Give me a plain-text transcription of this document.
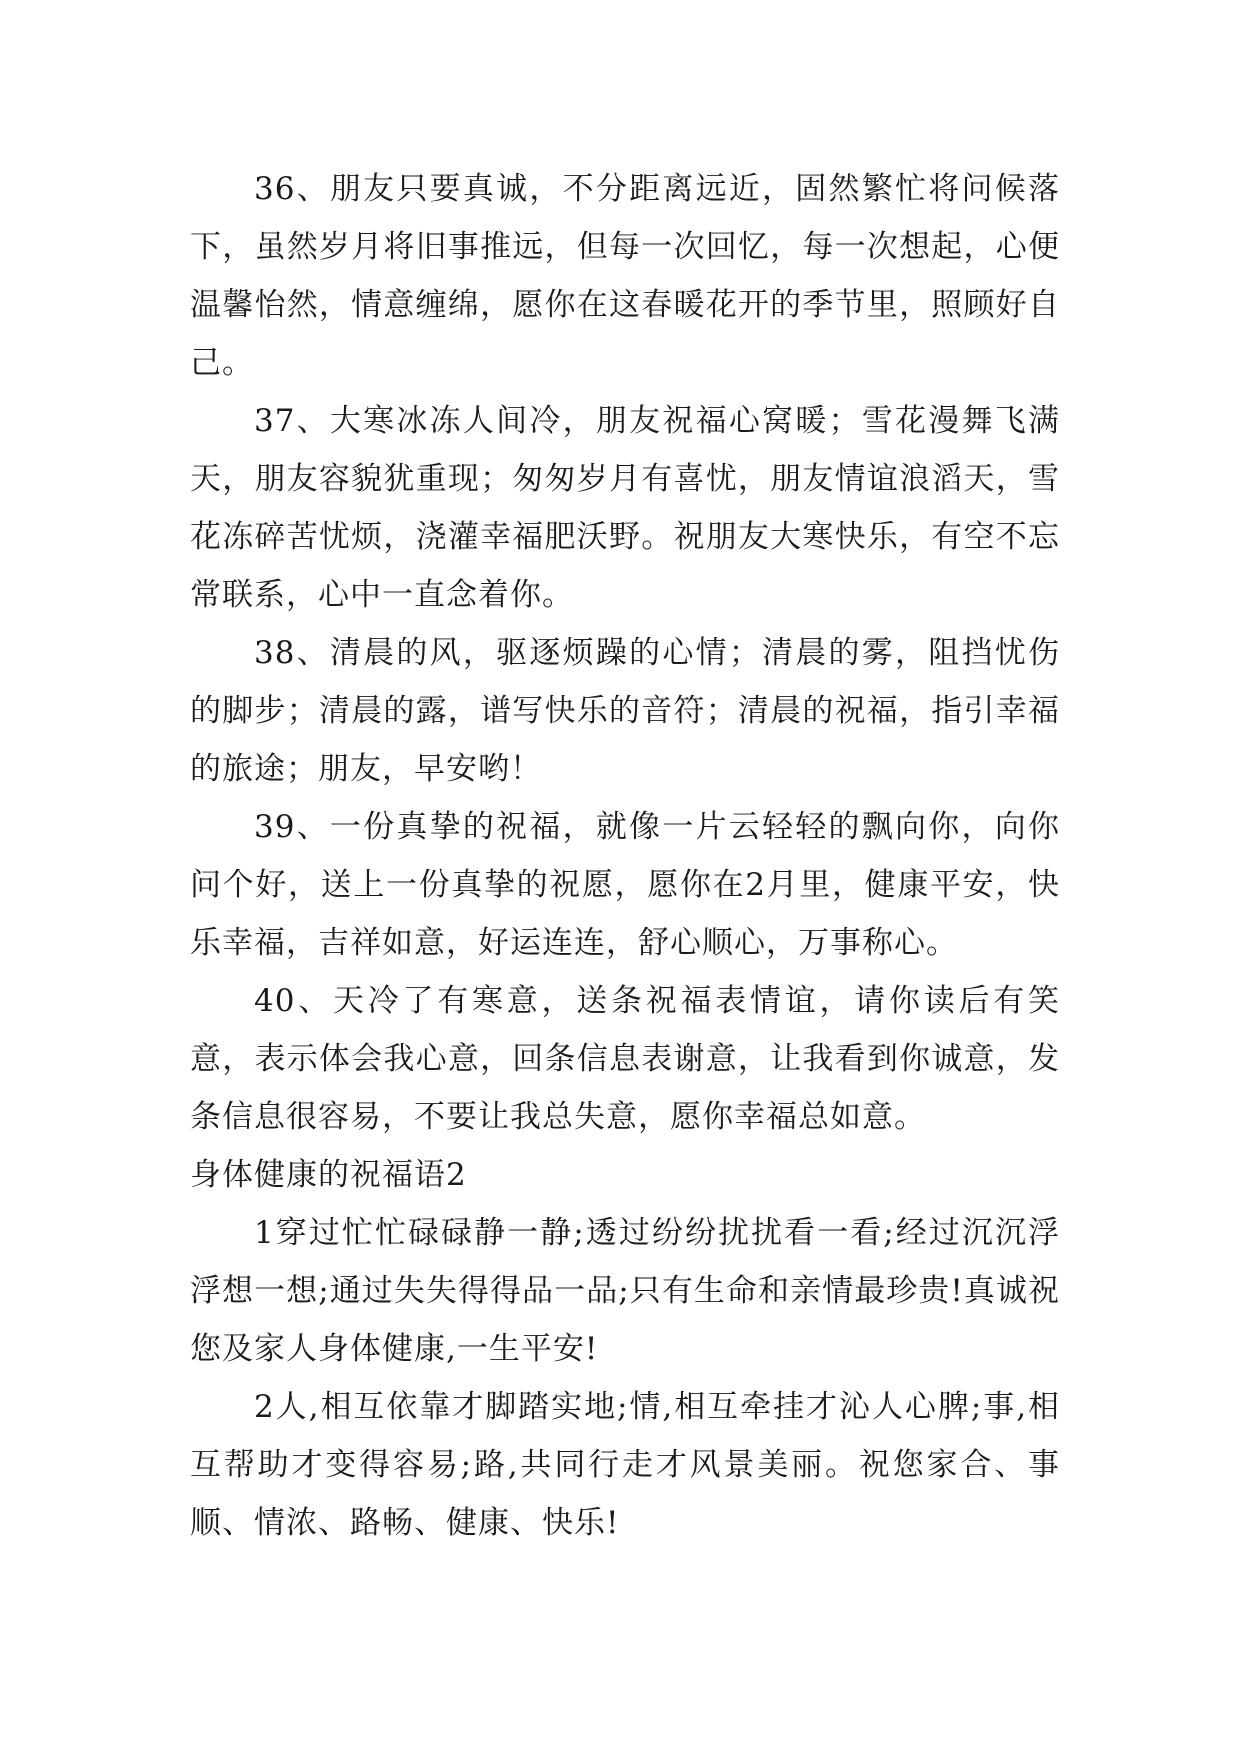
36、朋友只要真诚，不分距离远近，固然繁忙将问候落下，虽然岁月将旧事推远，但每一次回忆，每一次想起，心便温馨怡然，情意缠绵，愿你在这春暖花开的季节里，照顾好自己。

37、大寒冰冻人间冷，朋友祝福心窝暖；雪花漫舞飞满天，朋友容貌犹重现；匆匆岁月有喜忧，朋友情谊浪滔天，雪花冻碎苦忧烦，浇灌幸福肥沃野。祝朋友大寒快乐，有空不忘常联系，心中一直念着你。

38、清晨的风，驱逐烦躁的心情；清晨的雾，阻挡忧伤的脚步；清晨的露，谱写快乐的音符；清晨的祝福，指引幸福的旅途；朋友，早安哟！

39、一份真挚的祝福，就像一片云轻轻的飘向你，向你问个好，送上一份真挚的祝愿，愿你在2月里，健康平安，快乐幸福，吉祥如意，好运连连，舒心顺心，万事称心。

40、天冷了有寒意，送条祝福表情谊，请你读后有笑意，表示体会我心意，回条信息表谢意，让我看到你诚意，发条信息很容易，不要让我总失意，愿你幸福总如意。

身体健康的祝福语2

1穿过忙忙碌碌静一静;透过纷纷扰扰看一看;经过沉沉浮浮想一想;通过失失得得品一品;只有生命和亲情最珍贵!真诚祝您及家人身体健康,一生平安!

2人,相互依靠才脚踏实地;情,相互牵挂才沁人心脾;事,相互帮助才变得容易;路,共同行走才风景美丽。祝您家合、事顺、情浓、路畅、健康、快乐!
